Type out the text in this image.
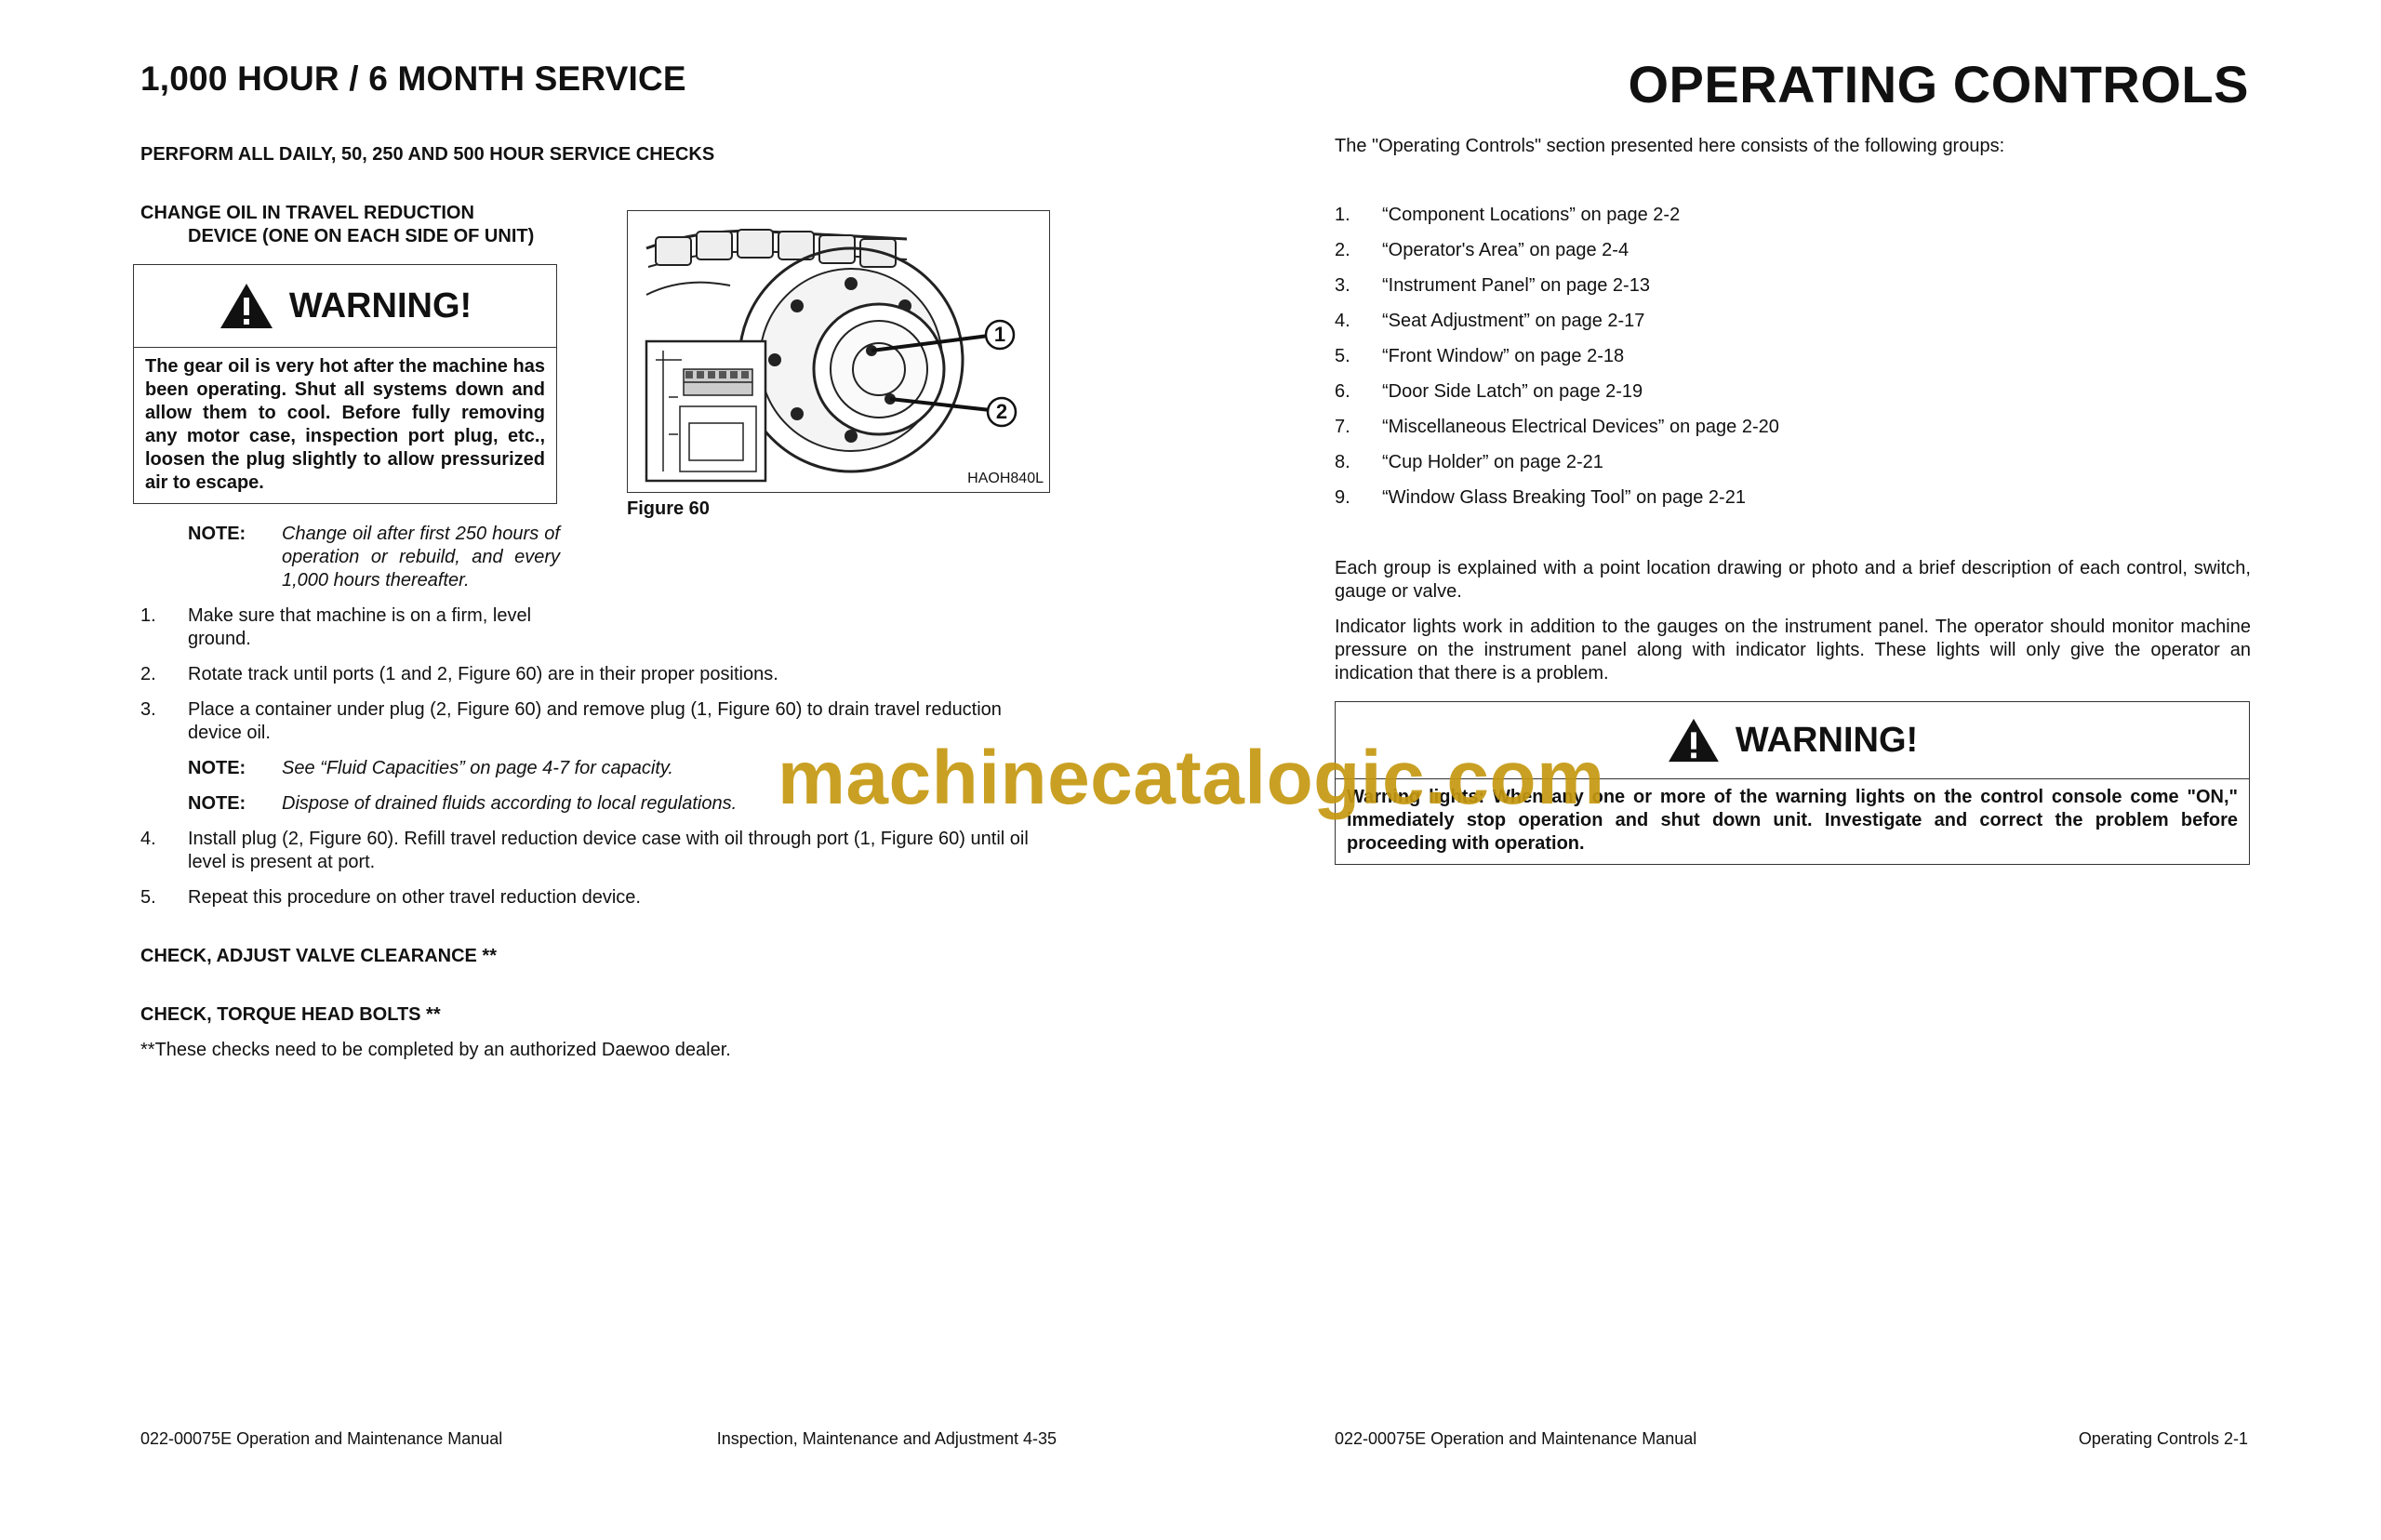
1,000 HOUR / 6 MONTH SERVICE
PERFORM ALL DAILY, 50, 250 AND 500 HOUR SERVICE CHECKS
CHANGE OIL IN TRAVEL REDUCTION
DEVICE (ONE ON EACH SIDE OF UNIT)
WARNING!
The gear oil is very hot after the machine has been operating. Shut all systems down and allow them to cool. Before fully removing any motor case, inspection port plug, etc., loosen the plug slightly to allow pressurized air to escape.
NOTE: Change oil after first 250 hours of operation or rebuild, and every 1,000 hours thereafter.
1
2
HAOH840L
Figure 60
1. Make sure that machine is on a firm, level ground.
2. Rotate track until ports (1 and 2, Figure 60) are in their proper positions.
3. Place a container under plug (2, Figure 60) and remove plug (1, Figure 60) to drain travel reduction device oil.
NOTE: See “Fluid Capacities” on page 4-7 for capacity.
NOTE: Dispose of drained fluids according to local regulations.
4. Install plug (2, Figure 60). Refill travel reduction device case with oil through port (1, Figure 60) until oil level is present at port.
5. Repeat this procedure on other travel reduction device.
CHECK, ADJUST VALVE CLEARANCE **
CHECK, TORQUE HEAD BOLTS **
**These checks need to be completed by an authorized Daewoo dealer.
022-00075E Operation and Maintenance Manual	Inspection, Maintenance and Adjustment 4-35
OPERATING CONTROLS
The "Operating Controls" section presented here consists of the following groups:
1. “Component Locations” on page 2-2
2. “Operator's Area” on page 2-4
3. “Instrument Panel” on page 2-13
4. “Seat Adjustment” on page 2-17
5. “Front Window” on page 2-18
6. “Door Side Latch” on page 2-19
7. “Miscellaneous Electrical Devices” on page 2-20
8. “Cup Holder” on page 2-21
9. “Window Glass Breaking Tool” on page 2-21
Each group is explained with a point location drawing or photo and a brief description of each control, switch, gauge or valve.
Indicator lights work in addition to the gauges on the instrument panel. The operator should monitor machine pressure on the instrument panel along with indicator lights. These lights will only give the operator an indication that there is a problem.
WARNING!
Warning lights: When any one or more of the warning lights on the control console come "ON," immediately stop operation and shut down unit. Investigate and correct the problem before proceeding with operation.
022-00075E Operation and Maintenance Manual	Operating Controls 2-1
machinecatalogic.com
